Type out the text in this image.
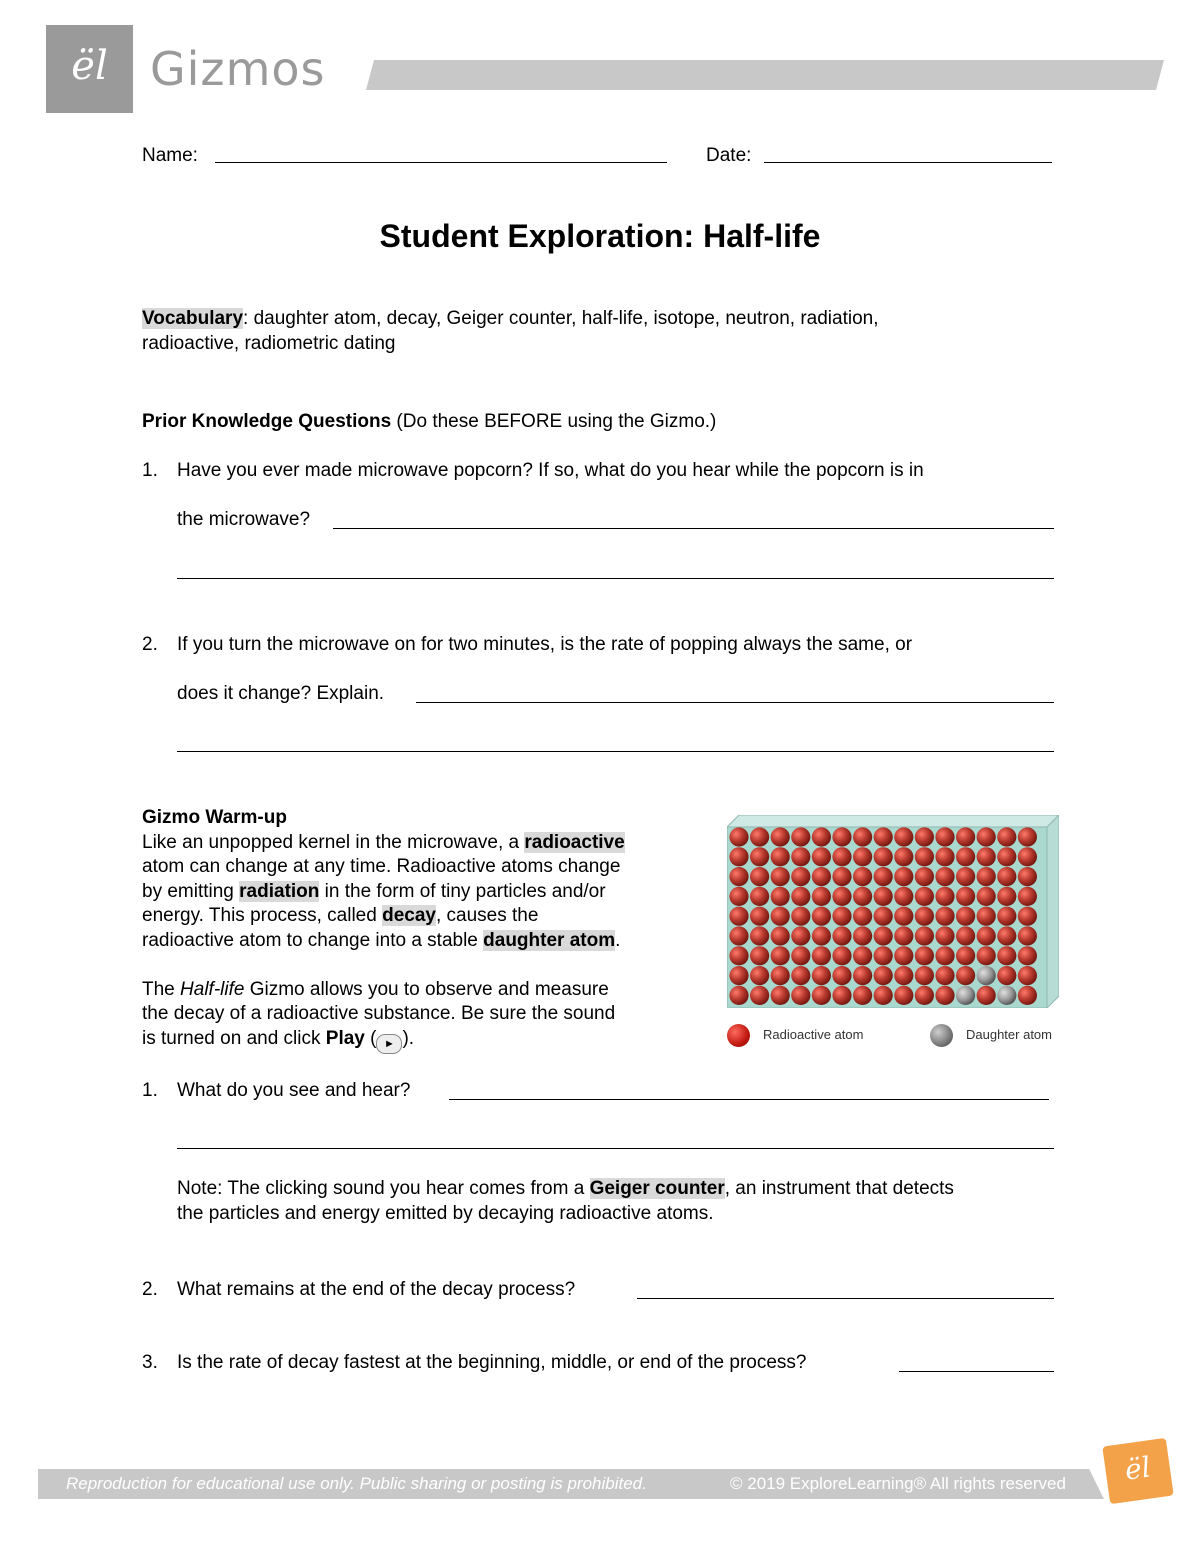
ël Gizmos
Name:	Date:
Student Exploration: Half-life
Vocabulary: daughter atom, decay, Geiger counter, half-life, isotope, neutron, radiation,
radioactive, radiometric dating
Prior Knowledge Questions (Do these BEFORE using the Gizmo.)
1. Have you ever made microwave popcorn? If so, what do you hear while the popcorn is in
the microwave?
2. If you turn the microwave on for two minutes, is the rate of popping always the same, or
does it change? Explain.
Gizmo Warm-up
Like an unpopped kernel in the microwave, a radioactive
atom can change at any time. Radioactive atoms change
by emitting radiation in the form of tiny particles and/or
energy. This process, called decay, causes the
radioactive atom to change into a stable daughter atom.
The Half-life Gizmo allows you to observe and measure
the decay of a radioactive substance. Be sure the sound
is turned on and click Play ( ► ).	Radioactive atom	Daughter atom
1. What do you see and hear?
Note: The clicking sound you hear comes from a Geiger counter, an instrument that detects
the particles and energy emitted by decaying radioactive atoms.
2. What remains at the end of the decay process?
3. Is the rate of decay fastest at the beginning, middle, or end of the process?
Reproduction for educational use only. Public sharing or posting is prohibited.	© 2019 ExploreLearning® All rights reserved	ël
